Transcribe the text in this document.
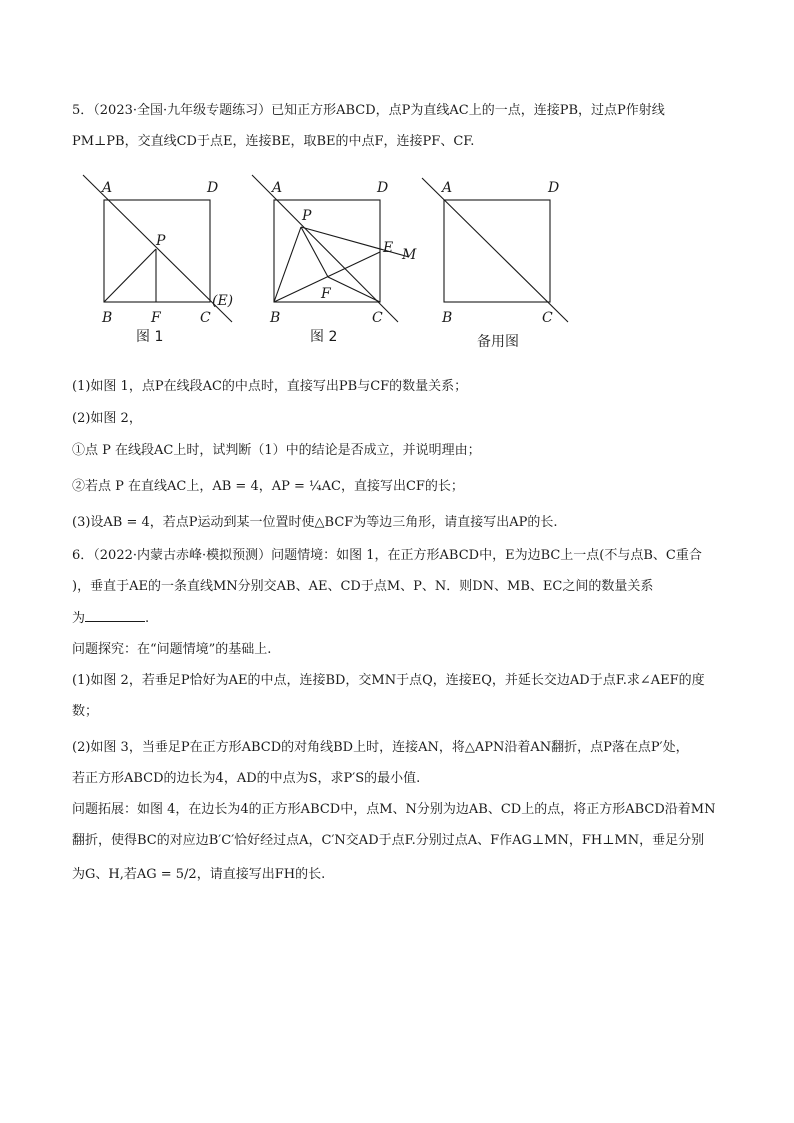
5．（2023·全国·九年级专题练习）已知正方形ABCD，点P为直线AC上的一点，连接PB，过点P作射线
PM⊥PB，交直线CD于点E，连接BE，取BE的中点F，连接PF、CF.
A	D
P
(E)
B	F	C
图 1
A	D
P
E M
F
B	C
图 2
A	D
B	C
备用图
(1)如图 1，点P在线段AC的中点时，直接写出PB与CF的数量关系；
(2)如图 2，
①点 P 在线段AC上时，试判断（1）中的结论是否成立，并说明理由；
②若点 P 在直线AC上，AB = 4，AP = ¼AC，直接写出CF的长；
(3)设AB = 4，若点P运动到某一位置时使△BCF为等边三角形，请直接写出AP的长.
6．（2022·内蒙古赤峰·模拟预测）问题情境：如图 1，在正方形ABCD中，E为边BC上一点(不与点B、C重合
)，垂直于AE的一条直线MN分别交AB、AE、CD于点M、P、N．则DN、MB、EC之间的数量关系
为	.
问题探究：在“问题情境”的基础上.
(1)如图 2，若垂足P恰好为AE的中点，连接BD，交MN于点Q，连接EQ，并延长交边AD于点F.求∠AEF的度
数；
(2)如图 3，当垂足P在正方形ABCD的对角线BD上时，连接AN，将△APN沿着AN翻折，点P落在点P′处，
若正方形ABCD的边长为4，AD的中点为S，求P′S的最小值.
问题拓展：如图 4，在边长为4的正方形ABCD中，点M、N分别为边AB、CD上的点，将正方形ABCD沿着MN
翻折，使得BC的对应边B′C′恰好经过点A，C′N交AD于点F.分别过点A、F作AG⊥MN，FH⊥MN，垂足分别
为G、H,若AG = 5/2，请直接写出FH的长.
